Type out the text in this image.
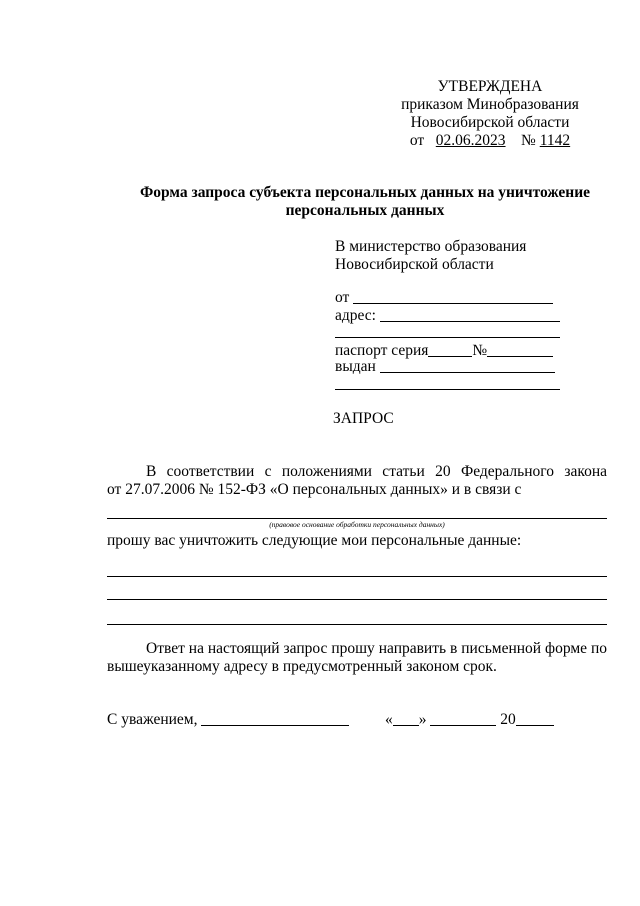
УТВЕРЖДЕНА
приказом Минобразования
Новосибирской области
от 02.06.2023 № 1142
Форма запроса субъекта персональных данных на уничтожение
персональных данных
В министерство образования
Новосибирской области
от
адрес:
паспорт серия	№
выдан
ЗАПРОС
В соответствии с положениями статьи 20 Федерального закона
от 27.07.2006 № 152-ФЗ «О персональных данных» и в связи с
(правовое основание обработки персональных данных)
прошу вас уничтожить следующие мои персональные данные:
Ответ на настоящий запрос прошу направить в письменной форме по
вышеуказанному адресу в предусмотренный законом срок.
С уважением,	« »	20
